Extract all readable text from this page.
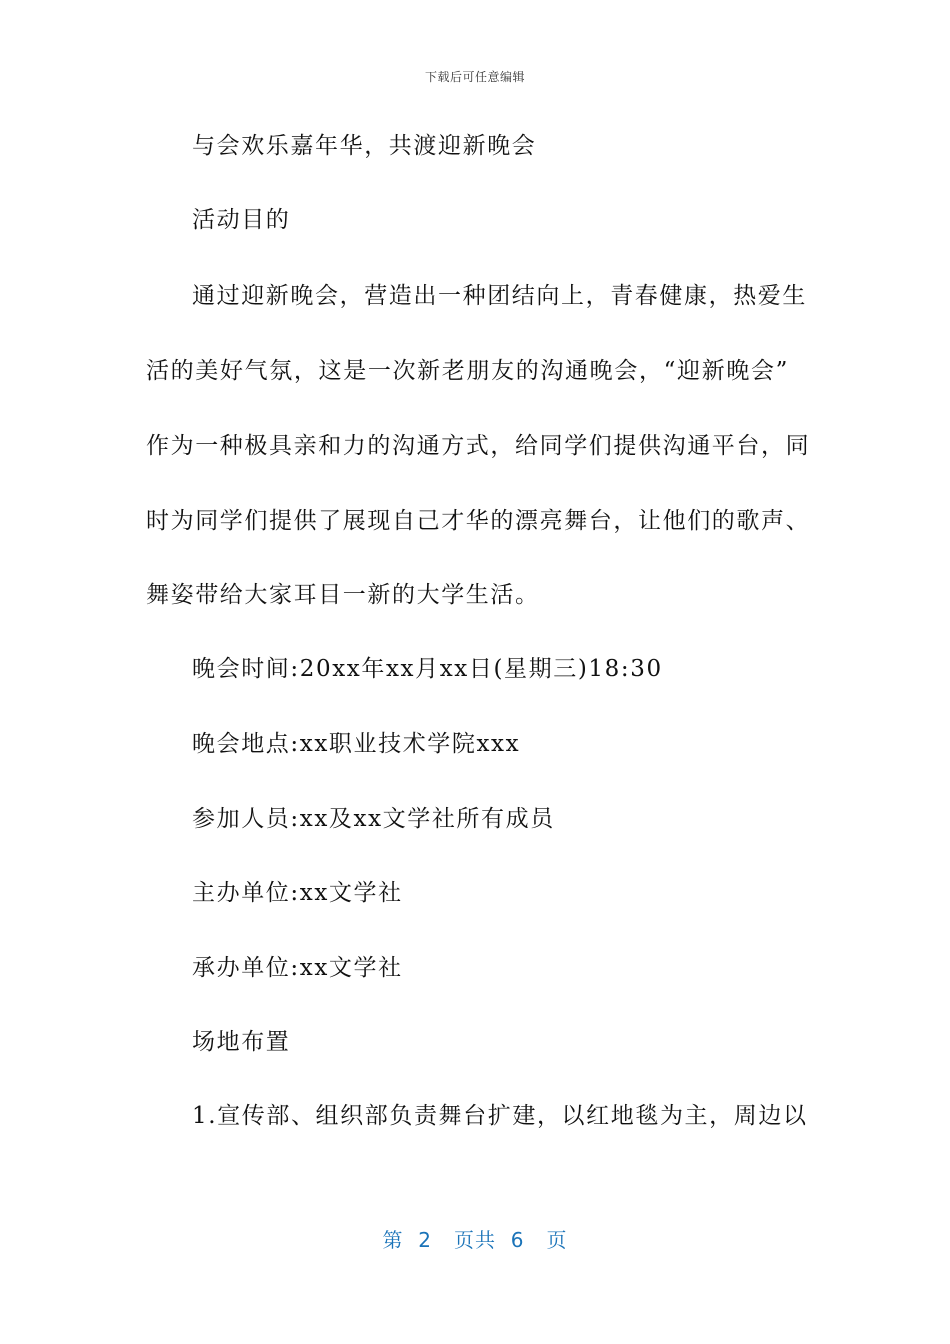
下载后可任意编辑
与会欢乐嘉年华，共渡迎新晚会
活动目的
通过迎新晚会，营造出一种团结向上，青春健康，热爱生
活的美好气氛，这是一次新老朋友的沟通晚会，“迎新晚会”
作为一种极具亲和力的沟通方式，给同学们提供沟通平台，同
时为同学们提供了展现自己才华的漂亮舞台，让他们的歌声、
舞姿带给大家耳目一新的大学生活。
晚会时间:20xx年xx月xx日(星期三)18:30
晚会地点:xx职业技术学院xxx
参加人员:xx及xx文学社所有成员
主办单位:xx文学社
承办单位:xx文学社
场地布置
1.宣传部、组织部负责舞台扩建，以红地毯为主，周边以
第  2   页共  6   页
